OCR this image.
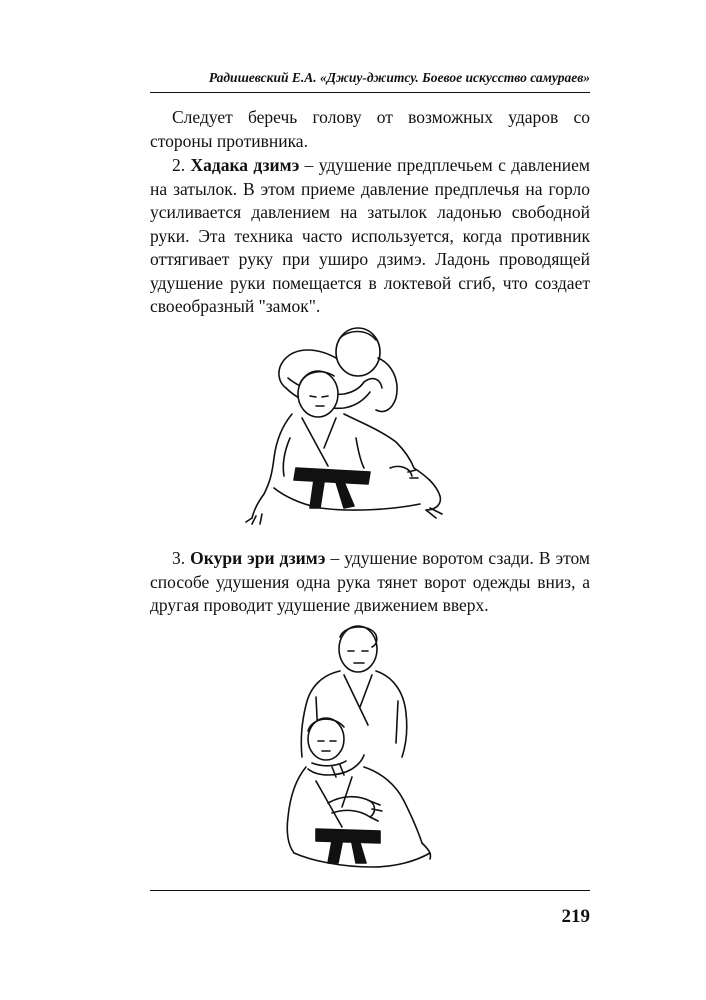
Радишевский Е.А. «Джиу-джитсу. Боевое искусство самураев»

Следует беречь голову от возможных ударов со стороны противника.

2. Хадака дзимэ – удушение предплечьем с давлением на затылок. В этом приеме давление предплечья на горло усиливается давлением на затылок ладонью свободной руки. Эта техника часто используется, когда противник оттягивает руку при уширо дзимэ. Ладонь проводящей удушение руки помещается в локтевой сгиб, что создает своеобразный "замок".

3. Окури эри дзимэ – удушение воротом сзади. В этом способе удушения одна рука тянет ворот одежды вниз, а другая проводит удушение движением вверх.

219
